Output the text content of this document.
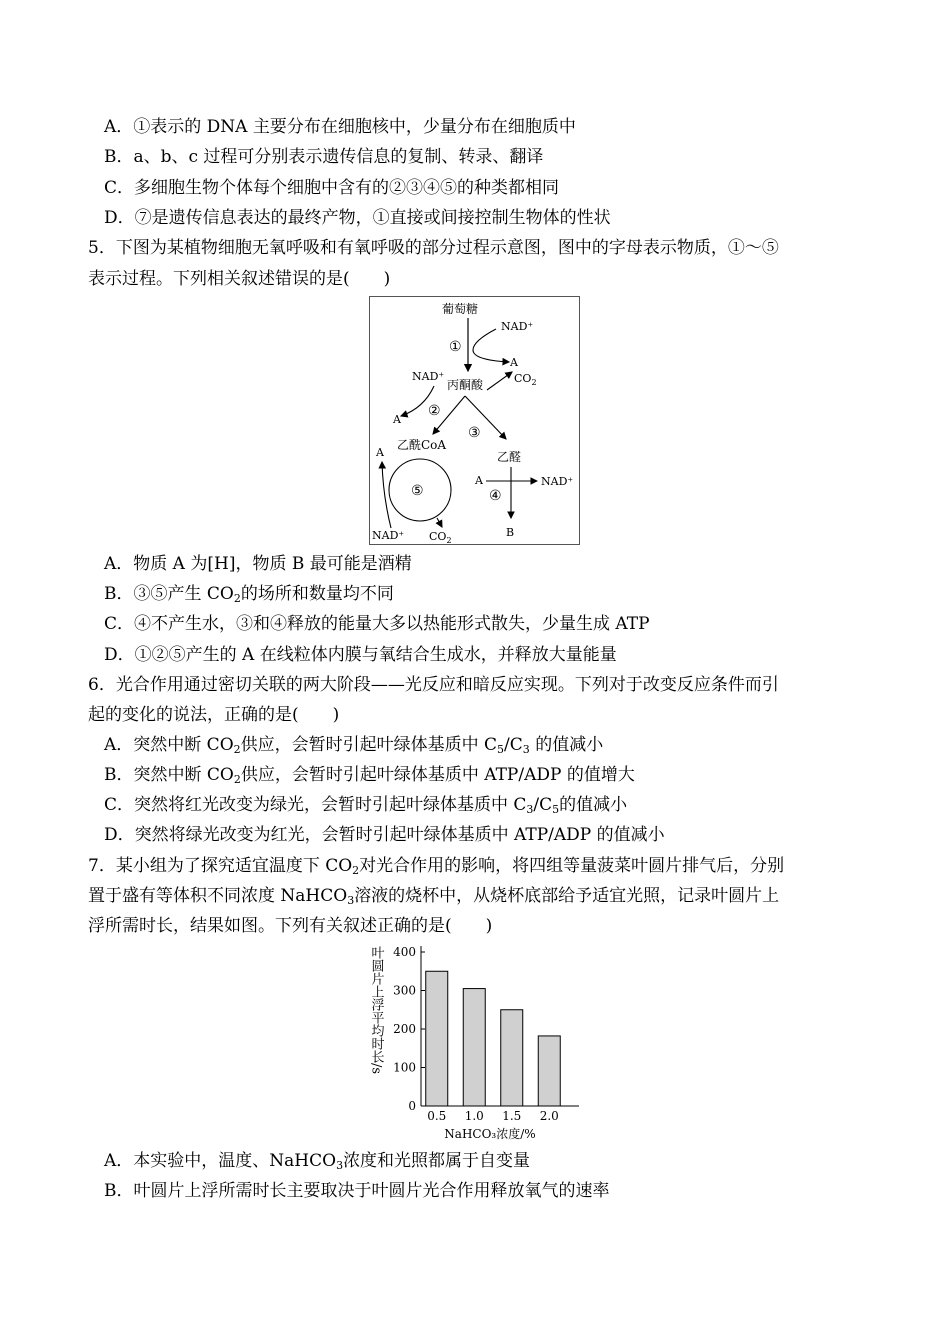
A．①表示的 DNA 主要分布在细胞核中，少量分布在细胞质中
B．a、b、c 过程可分别表示遗传信息的复制、转录、翻译
C．多细胞生物个体每个细胞中含有的②③④⑤的种类都相同
D．⑦是遗传信息表达的最终产物，①直接或间接控制生物体的性状
5．下图为某植物细胞无氧呼吸和有氧呼吸的部分过程示意图，图中的字母表示物质，①～⑤
表示过程。下列相关叙述错误的是( )
葡萄糖
①
NAD⁺
A
丙酮酸
NAD⁺	$CO_2$
A
②
③
乙酰CoA
⑤
A
NAD⁺ $CO_2$
乙醛
A	NAD⁺
④
B
A．物质 A 为[H]，物质 B 最可能是酒精
B．③⑤产生 $CO_2$的场所和数量均不同
C．④不产生水，③和④释放的能量大多以热能形式散失，少量生成 ATP
D．①②⑤产生的 A 在线粒体内膜与氧结合生成水，并释放大量能量
6．光合作用通过密切关联的两大阶段——光反应和暗反应实现。下列对于改变反应条件而引
起的变化的说法，正确的是( )
A．突然中断 $CO_2$供应，会暂时引起叶绿体基质中 $C_5/C_3$ 的值减小
B．突然中断 $CO_2$供应，会暂时引起叶绿体基质中 ATP/ADP 的值增大
C．突然将红光改变为绿光，会暂时引起叶绿体基质中 $C_3/C_5$的值减小
D．突然将绿光改变为红光，会暂时引起叶绿体基质中 ATP/ADP 的值减小
7．某小组为了探究适宜温度下 $CO_2$对光合作用的影响，将四组等量菠菜叶圆片排气后，分别
置于盛有等体积不同浓度 NaHCO$_3$溶液的烧杯中，从烧杯底部给予适宜光照，记录叶圆片上
浮所需时长，结果如图。下列有关叙述正确的是( )
0
100
200
300
400
0.5 1.0 1.5 2.0
NaHCO₃浓度/%
叶圆片上浮平均时长/s
A．本实验中，温度、NaHCO$_3$浓度和光照都属于自变量
B．叶圆片上浮所需时长主要取决于叶圆片光合作用释放氧气的速率
